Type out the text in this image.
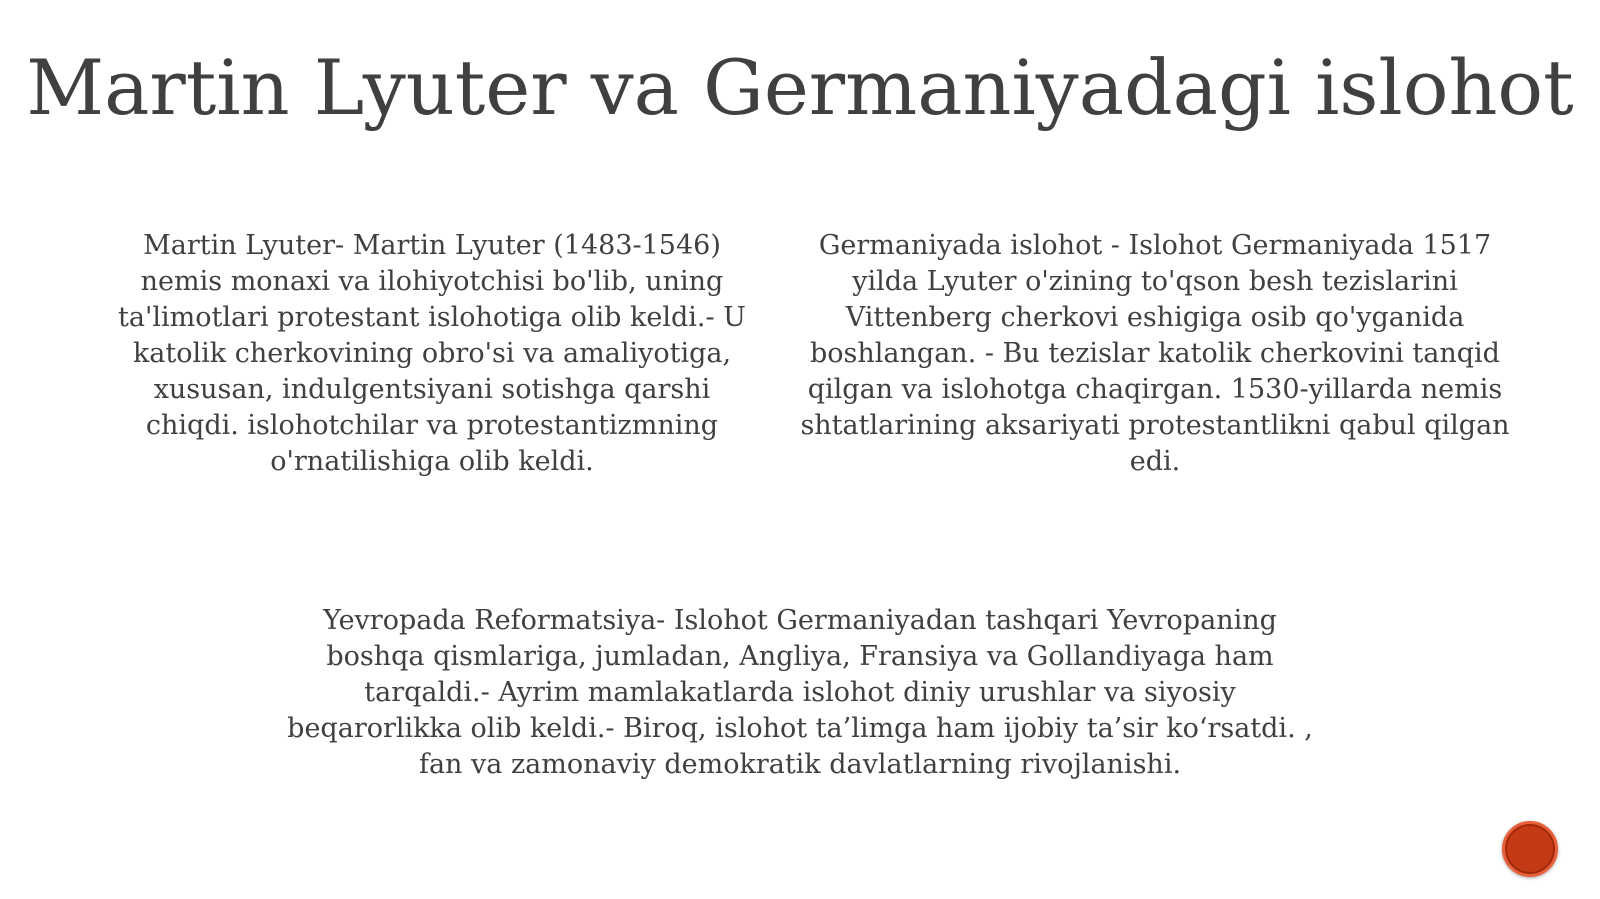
Martin Lyuter va Germaniyadagi islohot

Martin Lyuter- Martin Lyuter (1483-1546) nemis monaxi va ilohiyotchisi bo'lib, uning ta'limotlari protestant islohotiga olib keldi.- U katolik cherkovining obro'si va amaliyotiga, xususan, indulgentsiyani sotishga qarshi chiqdi. islohotchilar va protestantizmning o'rnatilishiga olib keldi.

Germaniyada islohot - Islohot Germaniyada 1517 yilda Lyuter o'zining to'qson besh tezislarini Vittenberg cherkovi eshigiga osib qo'yganida boshlangan. - Bu tezislar katolik cherkovini tanqid qilgan va islohotga chaqirgan. 1530-yillarda nemis shtatlarining aksariyati protestantlikni qabul qilgan edi.

Yevropada Reformatsiya- Islohot Germaniyadan tashqari Yevropaning boshqa qismlariga, jumladan, Angliya, Fransiya va Gollandiyaga ham tarqaldi.- Ayrim mamlakatlarda islohot diniy urushlar va siyosiy beqarorlikka olib keldi.- Biroq, islohot ta’limga ham ijobiy ta’sir ko‘rsatdi. , fan va zamonaviy demokratik davlatlarning rivojlanishi.
